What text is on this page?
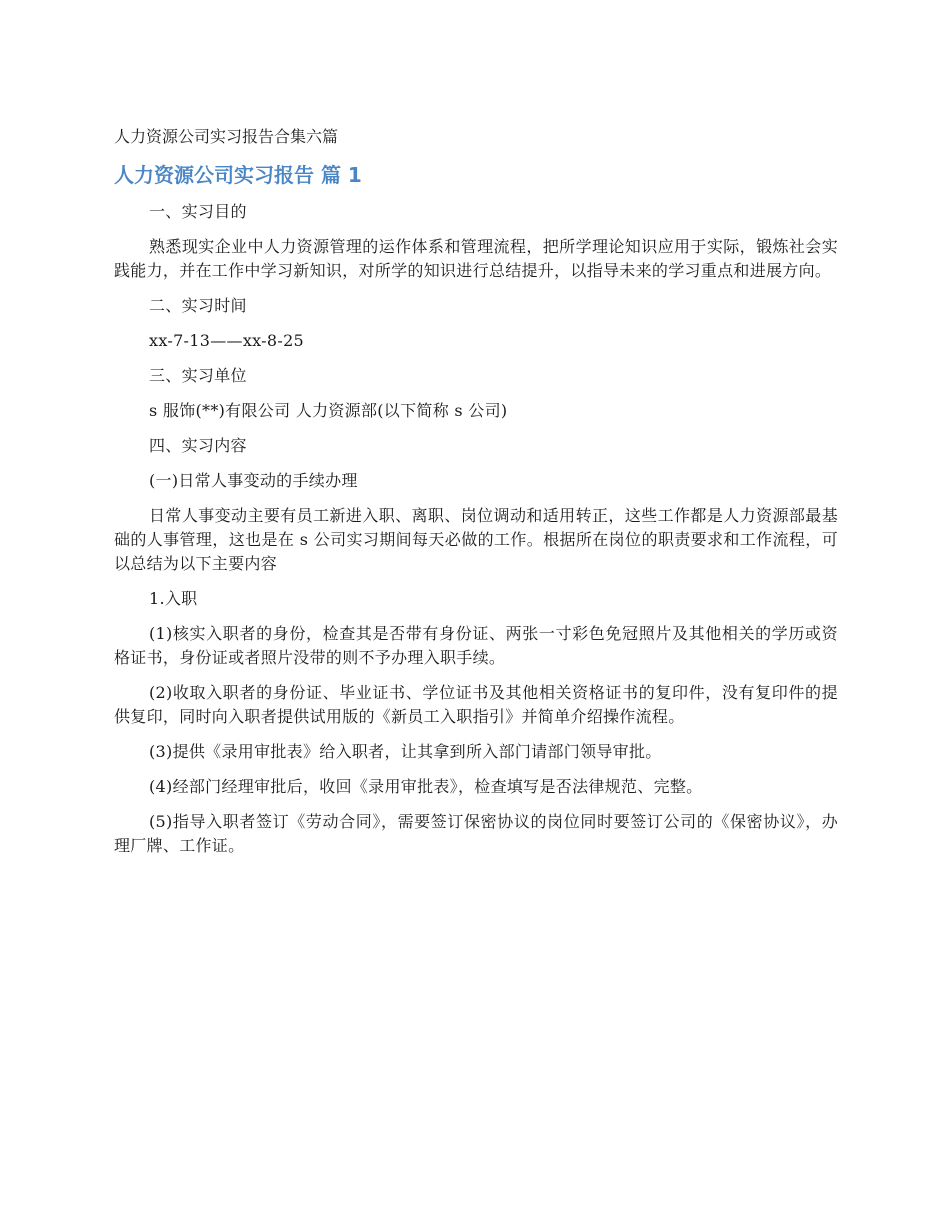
人力资源公司实习报告合集六篇
人力资源公司实习报告 篇 1

一、实习目的

熟悉现实企业中人力资源管理的运作体系和管理流程，把所学理论知识应用于实际，锻炼社会实践能力，并在工作中学习新知识，对所学的知识进行总结提升，以指导未来的学习重点和进展方向。

二、实习时间

xx-7-13——xx-8-25

三、实习单位

s 服饰(**)有限公司 人力资源部(以下简称 s 公司)

四、实习内容

(一)日常人事变动的手续办理

日常人事变动主要有员工新进入职、离职、岗位调动和适用转正，这些工作都是人力资源部最基础的人事管理，这也是在 s 公司实习期间每天必做的工作。根据所在岗位的职责要求和工作流程，可以总结为以下主要内容

1.入职

(1)核实入职者的身份，检查其是否带有身份证、两张一寸彩色免冠照片及其他相关的学历或资格证书，身份证或者照片没带的则不予办理入职手续。

(2)收取入职者的身份证、毕业证书、学位证书及其他相关资格证书的复印件，没有复印件的提供复印，同时向入职者提供试用版的《新员工入职指引》并简单介绍操作流程。

(3)提供《录用审批表》给入职者，让其拿到所入部门请部门领导审批。

(4)经部门经理审批后，收回《录用审批表》，检查填写是否法律规范、完整。

(5)指导入职者签订《劳动合同》，需要签订保密协议的岗位同时要签订公司的《保密协议》，办理厂牌、工作证。
